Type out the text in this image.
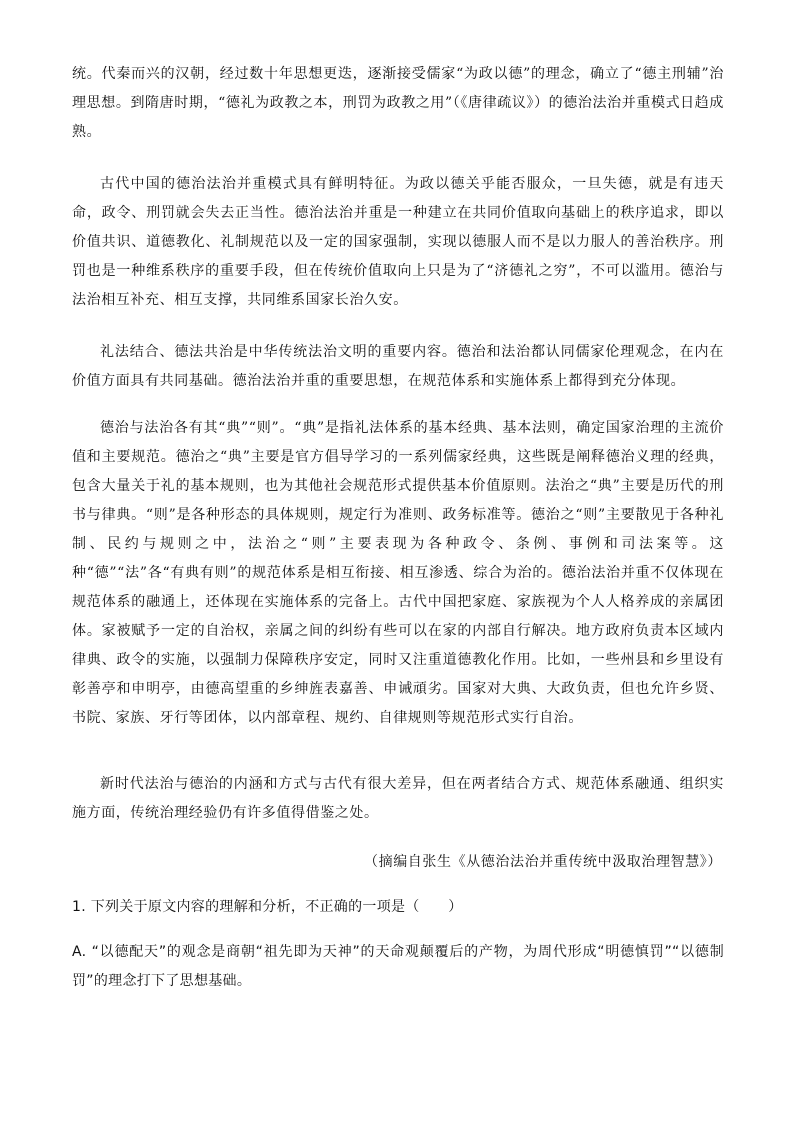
统。代秦而兴的汉朝，经过数十年思想更迭，逐渐接受儒家“为政以德”的理念，确立了“德主刑辅”治理思想。到隋唐时期，“德礼为政教之本，刑罚为政教之用”（《唐律疏议》）的德治法治并重模式日趋成熟。

古代中国的德治法治并重模式具有鲜明特征。为政以德关乎能否服众，一旦失德，就是有违天命，政令、刑罚就会失去正当性。德治法治并重是一种建立在共同价值取向基础上的秩序追求，即以价值共识、道德教化、礼制规范以及一定的国家强制，实现以德服人而不是以力服人的善治秩序。刑罚也是一种维系秩序的重要手段，但在传统价值取向上只是为了“济德礼之穷”，不可以滥用。德治与法治相互补充、相互支撑，共同维系国家长治久安。

礼法结合、德法共治是中华传统法治文明的重要内容。德治和法治都认同儒家伦理观念，在内在价值方面具有共同基础。德治法治并重的重要思想，在规范体系和实施体系上都得到充分体现。

德治与法治各有其“典”“则”。“典”是指礼法体系的基本经典、基本法则，确定国家治理的主流价值和主要规范。德治之“典”主要是官方倡导学习的一系列儒家经典，这些既是阐释德治义理的经典，包含大量关于礼的基本规则，也为其他社会规范形式提供基本价值原则。法治之“典”主要是历代的刑书与律典。“则”是各种形态的具体规则，规定行为准则、政务标准等。德治之“则”主要散见于各种礼制、民约与规则之中，法治之“则”主要表现为各种政令、条例、事例和司法案等。这种“德”“法”各“有典有则”的规范体系是相互衔接、相互渗透、综合为治的。德治法治并重不仅体现在规范体系的融通上，还体现在实施体系的完备上。古代中国把家庭、家族视为个人人格养成的亲属团体。家被赋予一定的自治权，亲属之间的纠纷有些可以在家的内部自行解决。地方政府负责本区域内律典、政令的实施，以强制力保障秩序安定，同时又注重道德教化作用。比如，一些州县和乡里设有彰善亭和申明亭，由德高望重的乡绅旌表嘉善、申诫頑劣。国家对大典、大政负责，但也允许乡贤、书院、家族、牙行等团体，以内部章程、规约、自律规则等规范形式实行自治。

新时代法治与德治的内涵和方式与古代有很大差异，但在两者结合方式、规范体系融通、组织实施方面，传统治理经验仍有许多值得借鉴之处。

（摘编自张生《从德治法治并重传统中汲取治理智慧》）

1. 下列关于原文内容的理解和分析，不正确的一项是（　　）

A. “以德配天”的观念是商朝“祖先即为天神”的天命观颠覆后的产物，为周代形成“明德慎罚”“以德制罚”的理念打下了思想基础。
